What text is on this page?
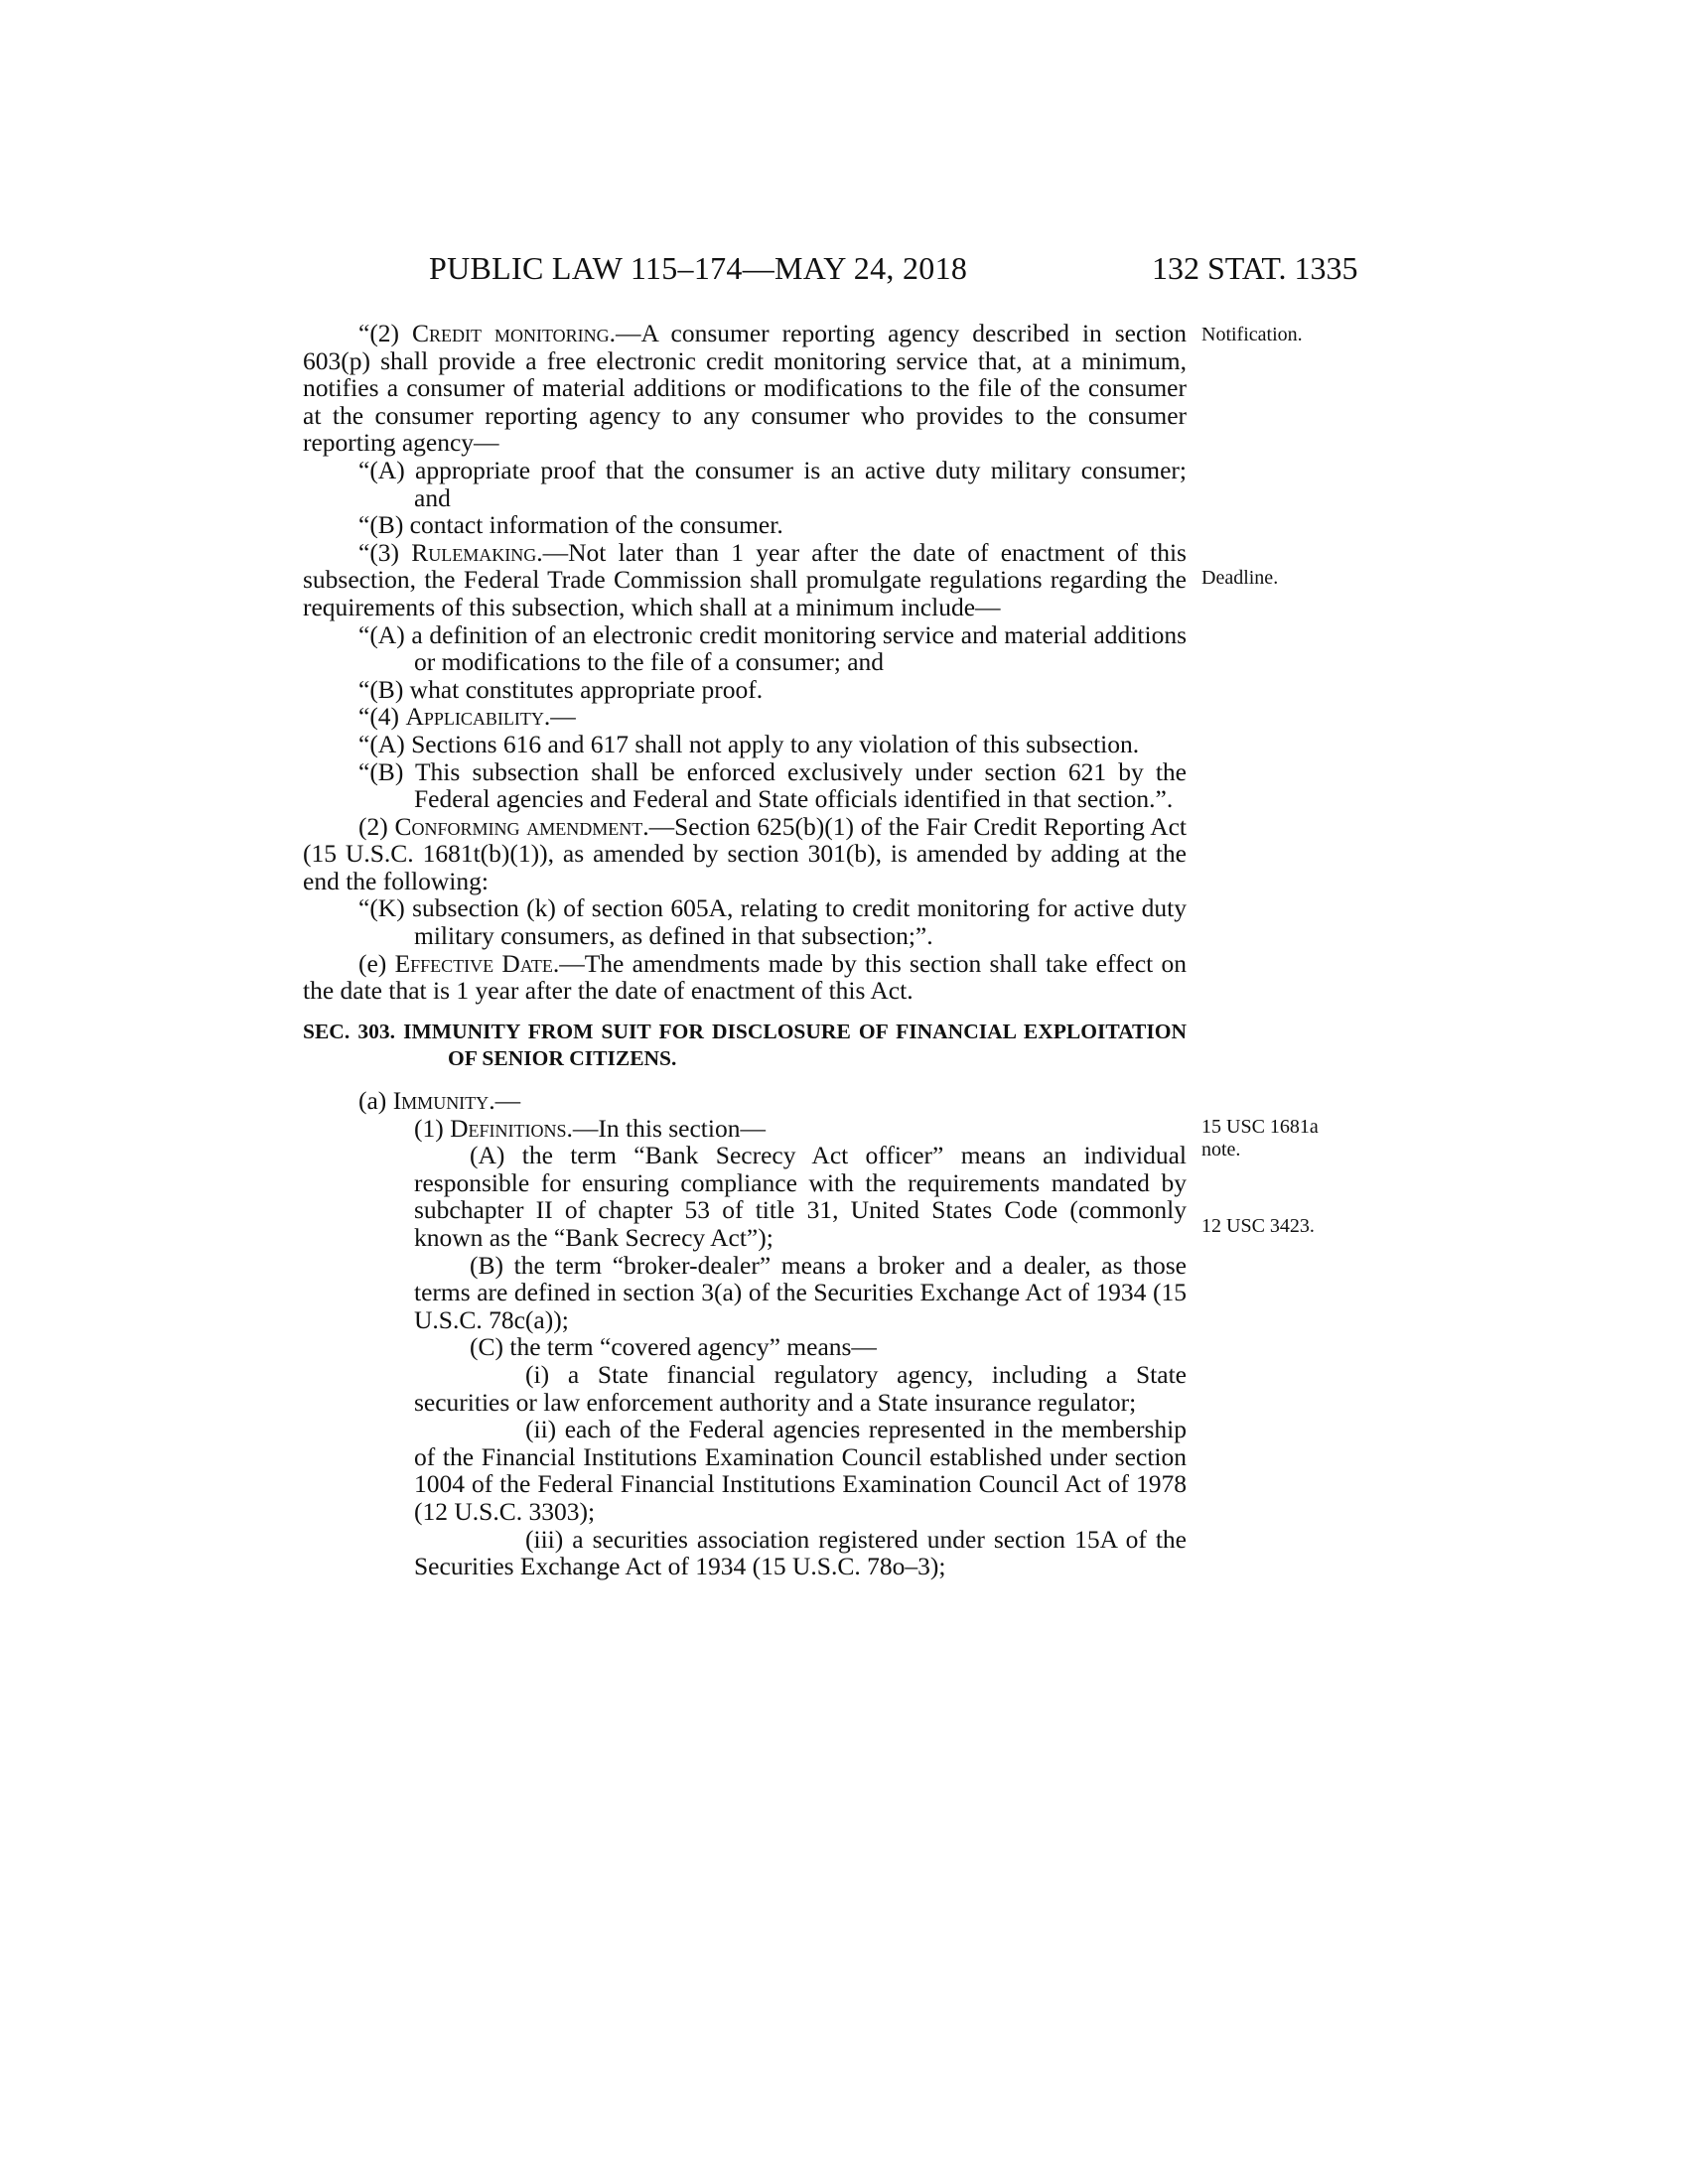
PUBLIC LAW 115–174—MAY 24, 2018	132 STAT. 1335
Notification.
Deadline.
15 USC 1681a
note.
12 USC 3423.

“(2) Credit monitoring.—A consumer reporting agency described in section 603(p) shall provide a free electronic credit monitoring service that, at a minimum, notifies a consumer of material additions or modifications to the file of the consumer at the consumer reporting agency to any consumer who provides to the consumer reporting agency—

“(A) appropriate proof that the consumer is an active duty military consumer; and

“(B) contact information of the consumer.

“(3) Rulemaking.—Not later than 1 year after the date of enactment of this subsection, the Federal Trade Commission shall promulgate regulations regarding the requirements of this subsection, which shall at a minimum include—

“(A) a definition of an electronic credit monitoring service and material additions or modifications to the file of a consumer; and

“(B) what constitutes appropriate proof.

“(4) Applicability.—

“(A) Sections 616 and 617 shall not apply to any violation of this subsection.

“(B) This subsection shall be enforced exclusively under section 621 by the Federal agencies and Federal and State officials identified in that section.”.

(2) Conforming amendment.—Section 625(b)(1) of the Fair Credit Reporting Act (15 U.S.C. 1681t(b)(1)), as amended by section 301(b), is amended by adding at the end the following:

“(K) subsection (k) of section 605A, relating to credit monitoring for active duty military consumers, as defined in that subsection;”.

(e) Effective Date.—The amendments made by this section shall take effect on the date that is 1 year after the date of enactment of this Act.

SEC. 303. IMMUNITY FROM SUIT FOR DISCLOSURE OF FINANCIAL EXPLOITATION OF SENIOR CITIZENS.

(a) Immunity.—

(1) Definitions.—In this section—

(A) the term “Bank Secrecy Act officer” means an individual responsible for ensuring compliance with the requirements mandated by subchapter II of chapter 53 of title 31, United States Code (commonly known as the “Bank Secrecy Act”);

(B) the term “broker-dealer” means a broker and a dealer, as those terms are defined in section 3(a) of the Securities Exchange Act of 1934 (15 U.S.C. 78c(a));

(C) the term “covered agency” means—

(i) a State financial regulatory agency, including a State securities or law enforcement authority and a State insurance regulator;

(ii) each of the Federal agencies represented in the membership of the Financial Institutions Examination Council established under section 1004 of the Federal Financial Institutions Examination Council Act of 1978 (12 U.S.C. 3303);

(iii) a securities association registered under section 15A of the Securities Exchange Act of 1934 (15 U.S.C. 78o–3);
